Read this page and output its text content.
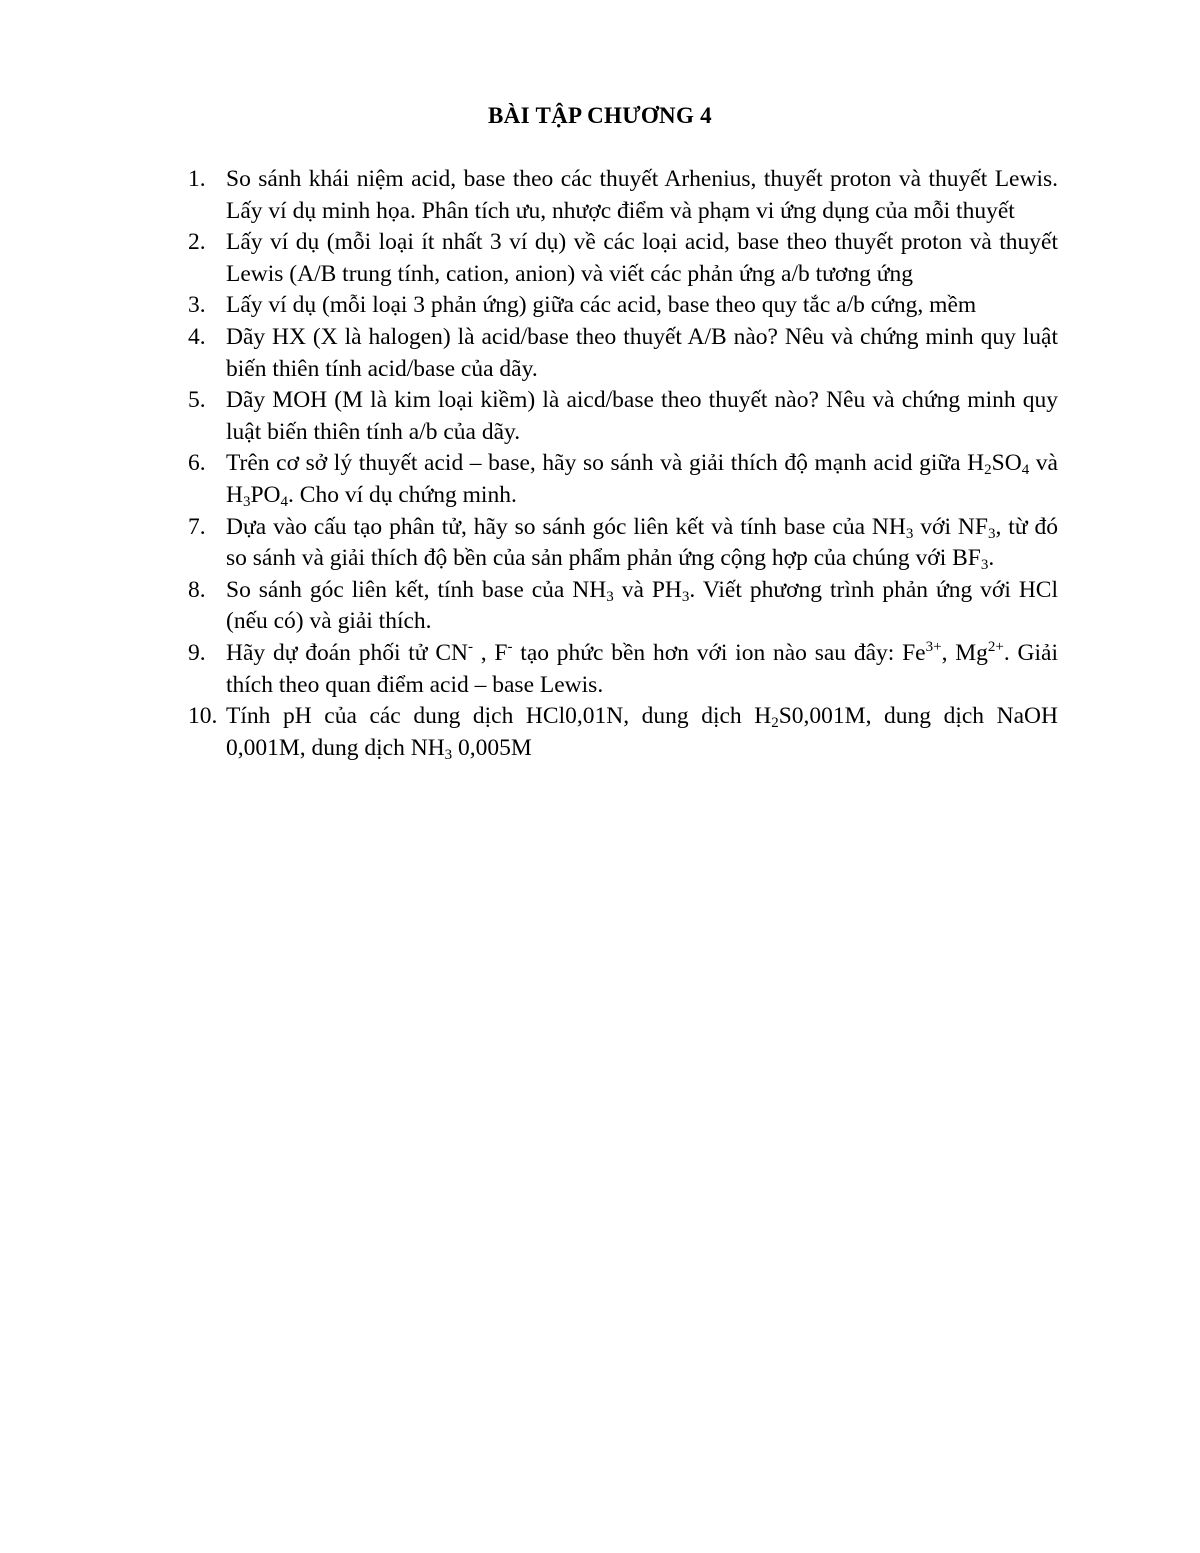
BÀI TẬP CHƯƠNG 4
1. So sánh khái niệm acid, base theo các thuyết Arhenius, thuyết proton và thuyết Lewis. Lấy ví dụ minh họa. Phân tích ưu, nhược điểm và phạm vi ứng dụng của mỗi thuyết
2. Lấy ví dụ (mỗi loại ít nhất 3 ví dụ) về các loại acid, base theo thuyết proton và thuyết Lewis (A/B trung tính, cation, anion) và viết các phản ứng a/b tương ứng
3. Lấy ví dụ (mỗi loại 3 phản ứng) giữa các acid, base theo quy tắc a/b cứng, mềm
4. Dãy HX (X là halogen) là acid/base theo thuyết A/B nào? Nêu và chứng minh quy luật biến thiên tính acid/base của dãy.
5. Dãy MOH (M là kim loại kiềm) là aicd/base theo thuyết nào? Nêu và chứng minh quy luật biến thiên tính a/b của dãy.
6. Trên cơ sở lý thuyết acid – base, hãy so sánh và giải thích độ mạnh acid giữa $H_2SO_4$ và $H_3PO_4$. Cho ví dụ chứng minh.
7. Dựa vào cấu tạo phân tử, hãy so sánh góc liên kết và tính base của $NH_3$ với $NF_3$, từ đó so sánh và giải thích độ bền của sản phẩm phản ứng cộng hợp của chúng với $BF_3$.
8. So sánh góc liên kết, tính base của $NH_3$ và $PH_3$. Viết phương trình phản ứng với HCl (nếu có) và giải thích.
9. Hãy dự đoán phối tử CN- , F- tạo phức bền hơn với ion nào sau đây: $Fe^{3+}$, $Mg^{2+}$. Giải thích theo quan điểm acid – base Lewis.
10. Tính pH của các dung dịch HCl0,01N, dung dịch $H_2S0,001M$, dung dịch NaOH 0,001M, dung dịch $NH_3$ 0,005M
